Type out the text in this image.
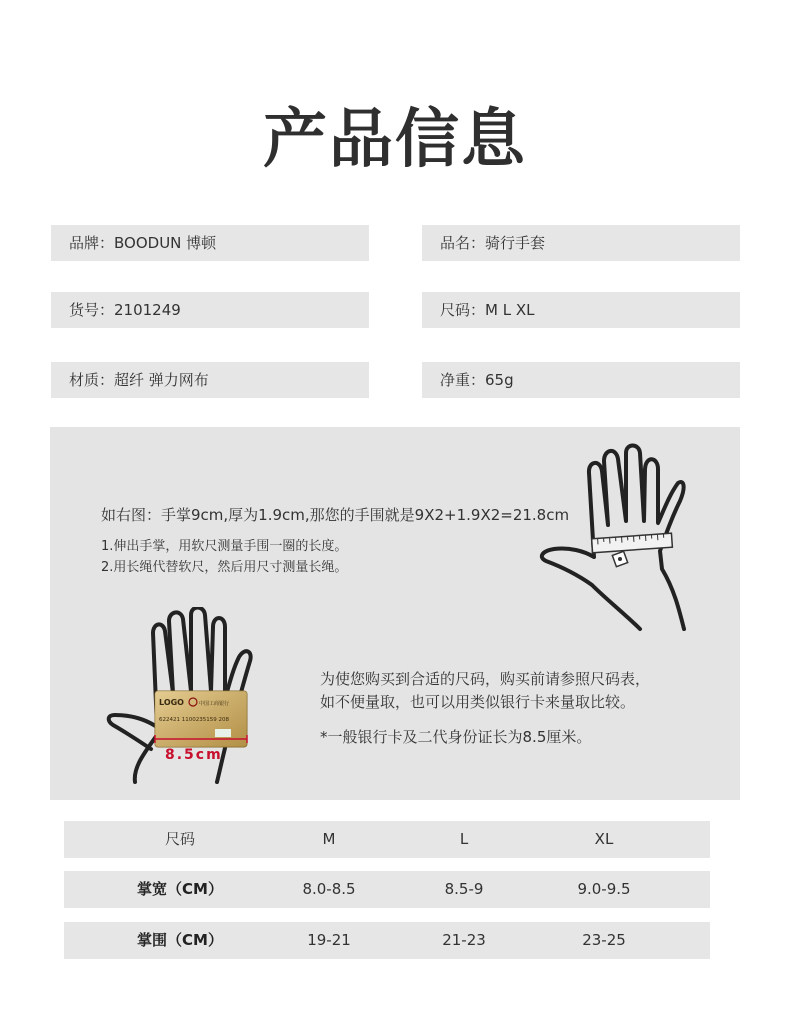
产品信息
品牌：BOODUN 博顿	品名：骑行手套
货号：2101249	尺码：M L XL
材质：超纤 弹力网布	净重：65g
如右图：手掌9cm,厚为1.9cm,那您的手围就是9X2+1.9X2=21.8cm
1.伸出手掌，用软尺测量手围一圈的长度。
2.用长绳代替软尺，然后用尺寸测量长绳。
为使您购买到合适的尺码，购买前请参照尺码表，
如不便量取，也可以用类似银行卡来量取比较。
*一般银行卡及二代身份证长为8.5厘米。
LOGO	中国工商银行
622421 1100235159 208
8.5cm
尺码	M	L	XL
掌宽（CM）	8.0-8.5	8.5-9	9.0-9.5
掌围（CM）	19-21	21-23	23-25
